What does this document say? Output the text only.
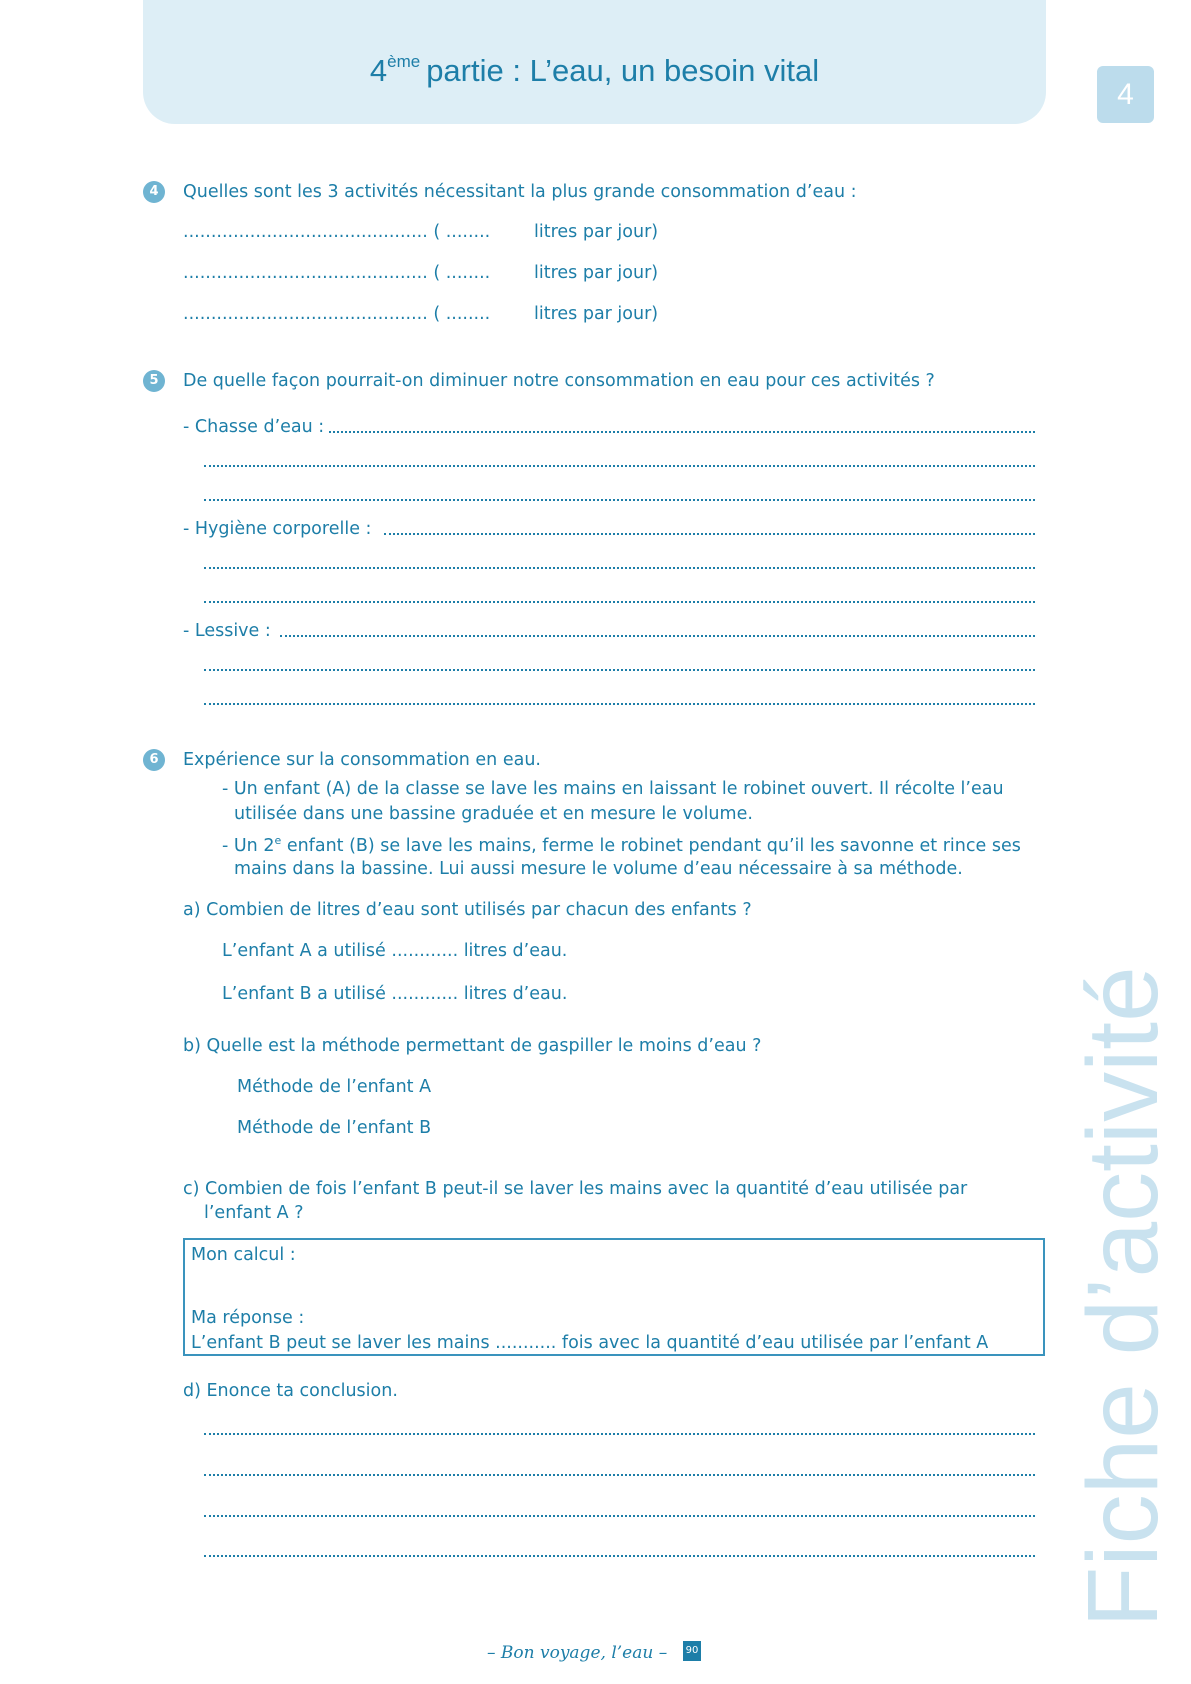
4ème partie : L’eau, un besoin vital
4
Fiche d’activité
4	Quelles sont les 3 activités nécessitant la plus grande consommation d’eau :
............................................ ( ........	litres par jour)
............................................ ( ........	litres par jour)
............................................ ( ........	litres par jour)
5	De quelle façon pourrait-on diminuer notre consommation en eau pour ces activités ?
- Chasse d’eau :
- Hygiène corporelle :
- Lessive :
6	Expérience sur la consommation en eau.
- Un enfant (A) de la classe se lave les mains en laissant le robinet ouvert. Il récolte l’eau
utilisée dans une bassine graduée et en mesure le volume.
- Un 2e enfant (B) se lave les mains, ferme le robinet pendant qu’il les savonne et rince ses
mains dans la bassine. Lui aussi mesure le volume d’eau nécessaire à sa méthode.
a) Combien de litres d’eau sont utilisés par chacun des enfants ?
L’enfant A a utilisé ............ litres d’eau.
L’enfant B a utilisé ............ litres d’eau.
b) Quelle est la méthode permettant de gaspiller le moins d’eau ?
Méthode de l’enfant A
Méthode de l’enfant B
c) Combien de fois l’enfant B peut-il se laver les mains avec la quantité d’eau utilisée par
l’enfant A ?
Mon calcul :
Ma réponse :
L’enfant B peut se laver les mains ........... fois avec la quantité d’eau utilisée par l’enfant A
d) Enonce ta conclusion.
– Bon voyage, l’eau – 90
